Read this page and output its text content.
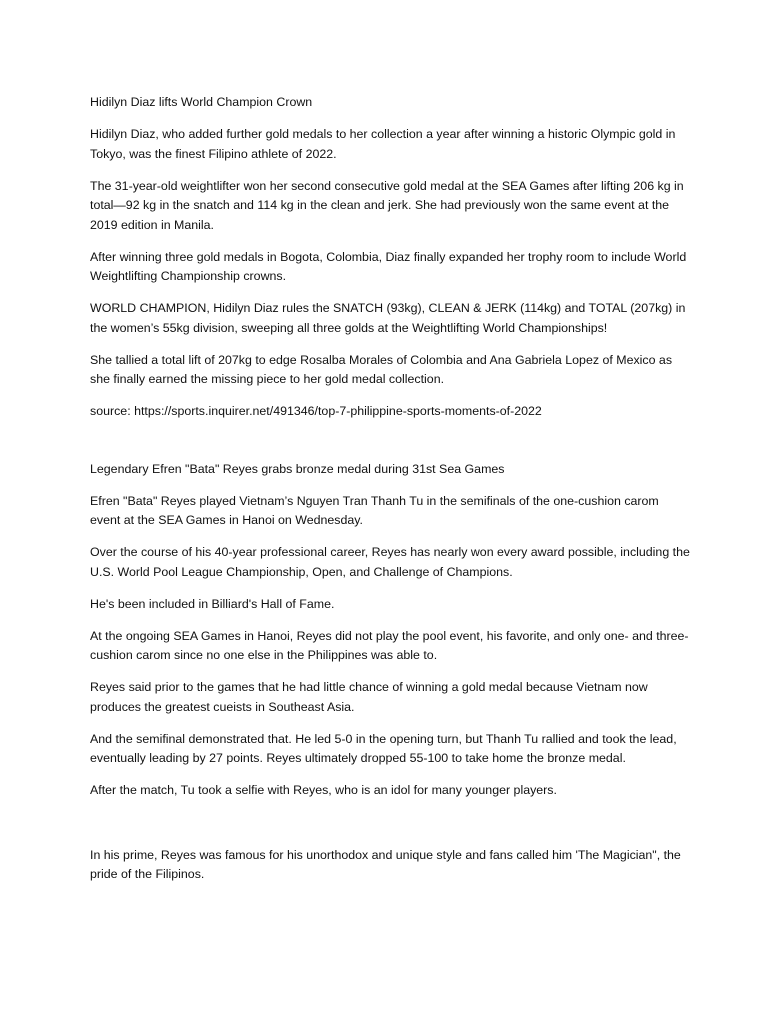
Hidilyn Diaz lifts World Champion Crown

Hidilyn Diaz, who added further gold medals to her collection a year after winning a historic Olympic gold in Tokyo, was the finest Filipino athlete of 2022.

The 31-year-old weightlifter won her second consecutive gold medal at the SEA Games after lifting 206 kg in total—92 kg in the snatch and 114 kg in the clean and jerk. She had previously won the same event at the 2019 edition in Manila.

After winning three gold medals in Bogota, Colombia, Diaz finally expanded her trophy room to include World Weightlifting Championship crowns.

WORLD CHAMPION, Hidilyn Diaz rules the SNATCH (93kg), CLEAN & JERK (114kg) and TOTAL (207kg) in the women’s 55kg division, sweeping all three golds at the Weightlifting World Championships!

She tallied a total lift of 207kg to edge Rosalba Morales of Colombia and Ana Gabriela Lopez of Mexico as she finally earned the missing piece to her gold medal collection.

source: https://sports.inquirer.net/491346/top-7-philippine-sports-moments-of-2022

Legendary Efren "Bata" Reyes grabs bronze medal during 31st Sea Games

Efren "Bata" Reyes played Vietnam’s Nguyen Tran Thanh Tu in the semifinals of the one-cushion carom event at the SEA Games in Hanoi on Wednesday.

Over the course of his 40-year professional career, Reyes has nearly won every award possible, including the U.S. World Pool League Championship, Open, and Challenge of Champions.

He's been included in Billiard's Hall of Fame.

At the ongoing SEA Games in Hanoi, Reyes did not play the pool event, his favorite, and only one- and three-cushion carom since no one else in the Philippines was able to.

Reyes said prior to the games that he had little chance of winning a gold medal because Vietnam now produces the greatest cueists in Southeast Asia.

And the semifinal demonstrated that. He led 5-0 in the opening turn, but Thanh Tu rallied and took the lead, eventually leading by 27 points. Reyes ultimately dropped 55-100 to take home the bronze medal.

After the match, Tu took a selfie with Reyes, who is an idol for many younger players.

In his prime, Reyes was famous for his unorthodox and unique style and fans called him 'The Magician", the pride of the Filipinos.
